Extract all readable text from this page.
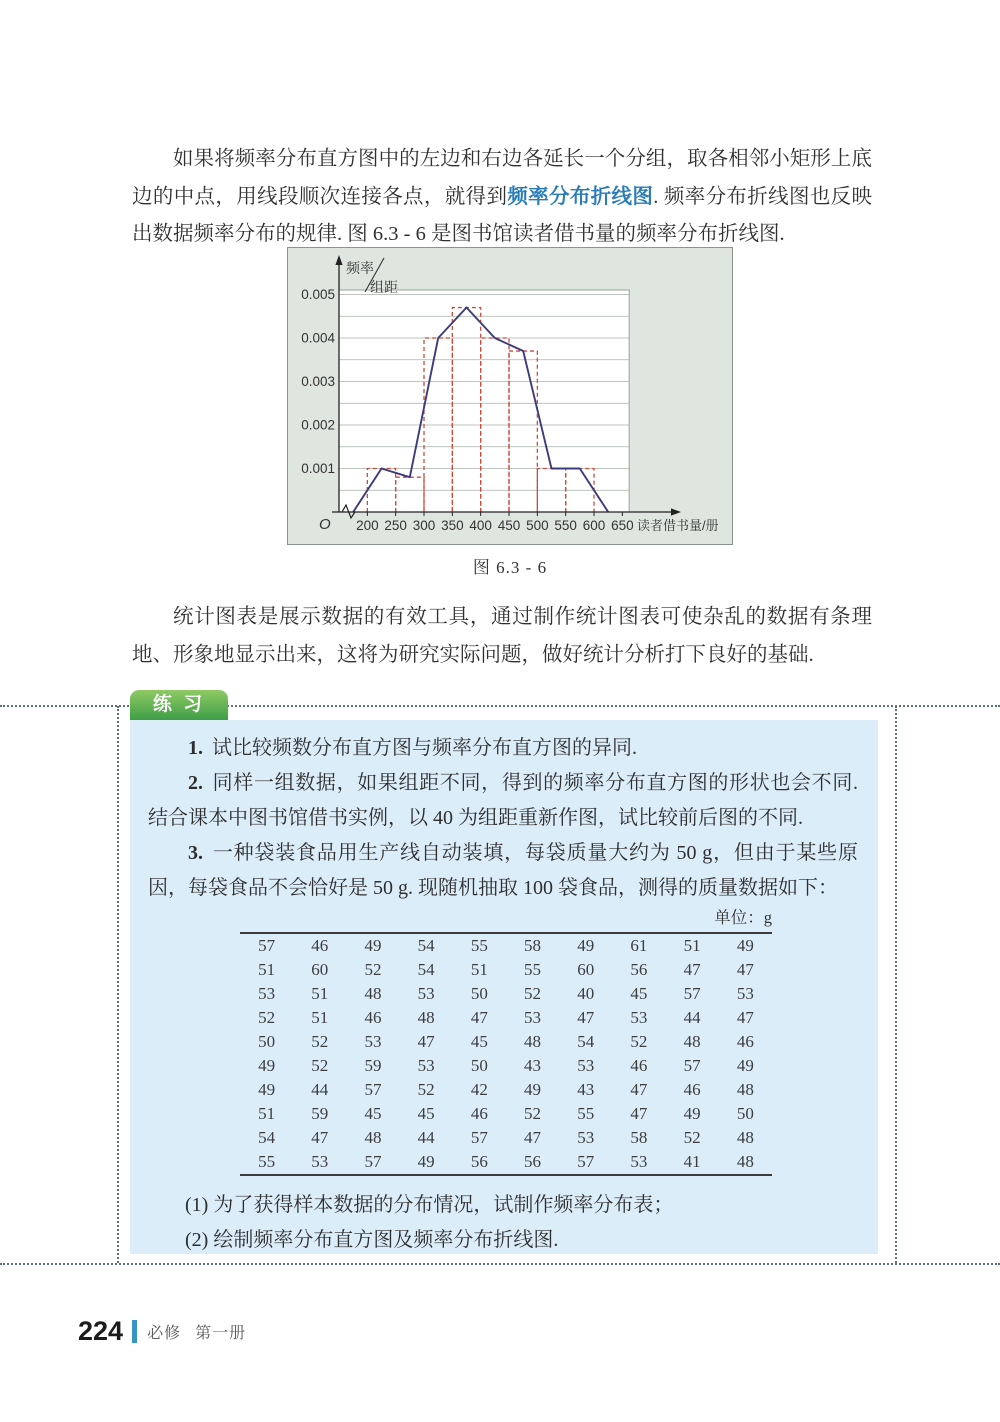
如果将频率分布直方图中的左边和右边各延长一个分组，取各相邻小矩形上底边的中点，用线段顺次连接各点，就得到频率分布折线图. 频率分布折线图也反映出数据频率分布的规律. 图 6.3 - 6 是图书馆读者借书量的频率分布折线图.

200 250 300 350 400 450 500 550 600 650
0.001
0.002
0.003
0.004
0.005
读者借书量/册
O
频率
组距
图 6.3 - 6

统计图表是展示数据的有效工具，通过制作统计图表可使杂乱的数据有条理地、形象地显示出来，这将为研究实际问题，做好统计分析打下良好的基础.

练 习

1. 试比较频数分布直方图与频率分布直方图的异同.

2. 同样一组数据，如果组距不同，得到的频率分布直方图的形状也会不同. 结合课本中图书馆借书实例，以 40 为组距重新作图，试比较前后图的不同.

3. 一种袋装食品用生产线自动装填，每袋质量大约为 50 g，但由于某些原因，每袋食品不会恰好是 50 g. 现随机抽取 100 袋食品，测得的质量数据如下：

单位：g
57	46	49	54	55	58	49	61	51	49
51	60	52	54	51	55	60	56	47	47
53	51	48	53	50	52	40	45	57	53
52	51	46	48	47	53	47	53	44	47
50	52	53	47	45	48	54	52	48	46
49	52	59	53	50	43	53	46	57	49
49	44	57	52	42	49	43	47	46	48
51	59	45	45	46	52	55	47	49	50
54	47	48	44	57	47	53	58	52	48
55	53	57	49	56	56	57	53	41	48

(1) 为了获得样本数据的分布情况，试制作频率分布表；

(2) 绘制频率分布直方图及频率分布折线图.

224 必修 第一册
